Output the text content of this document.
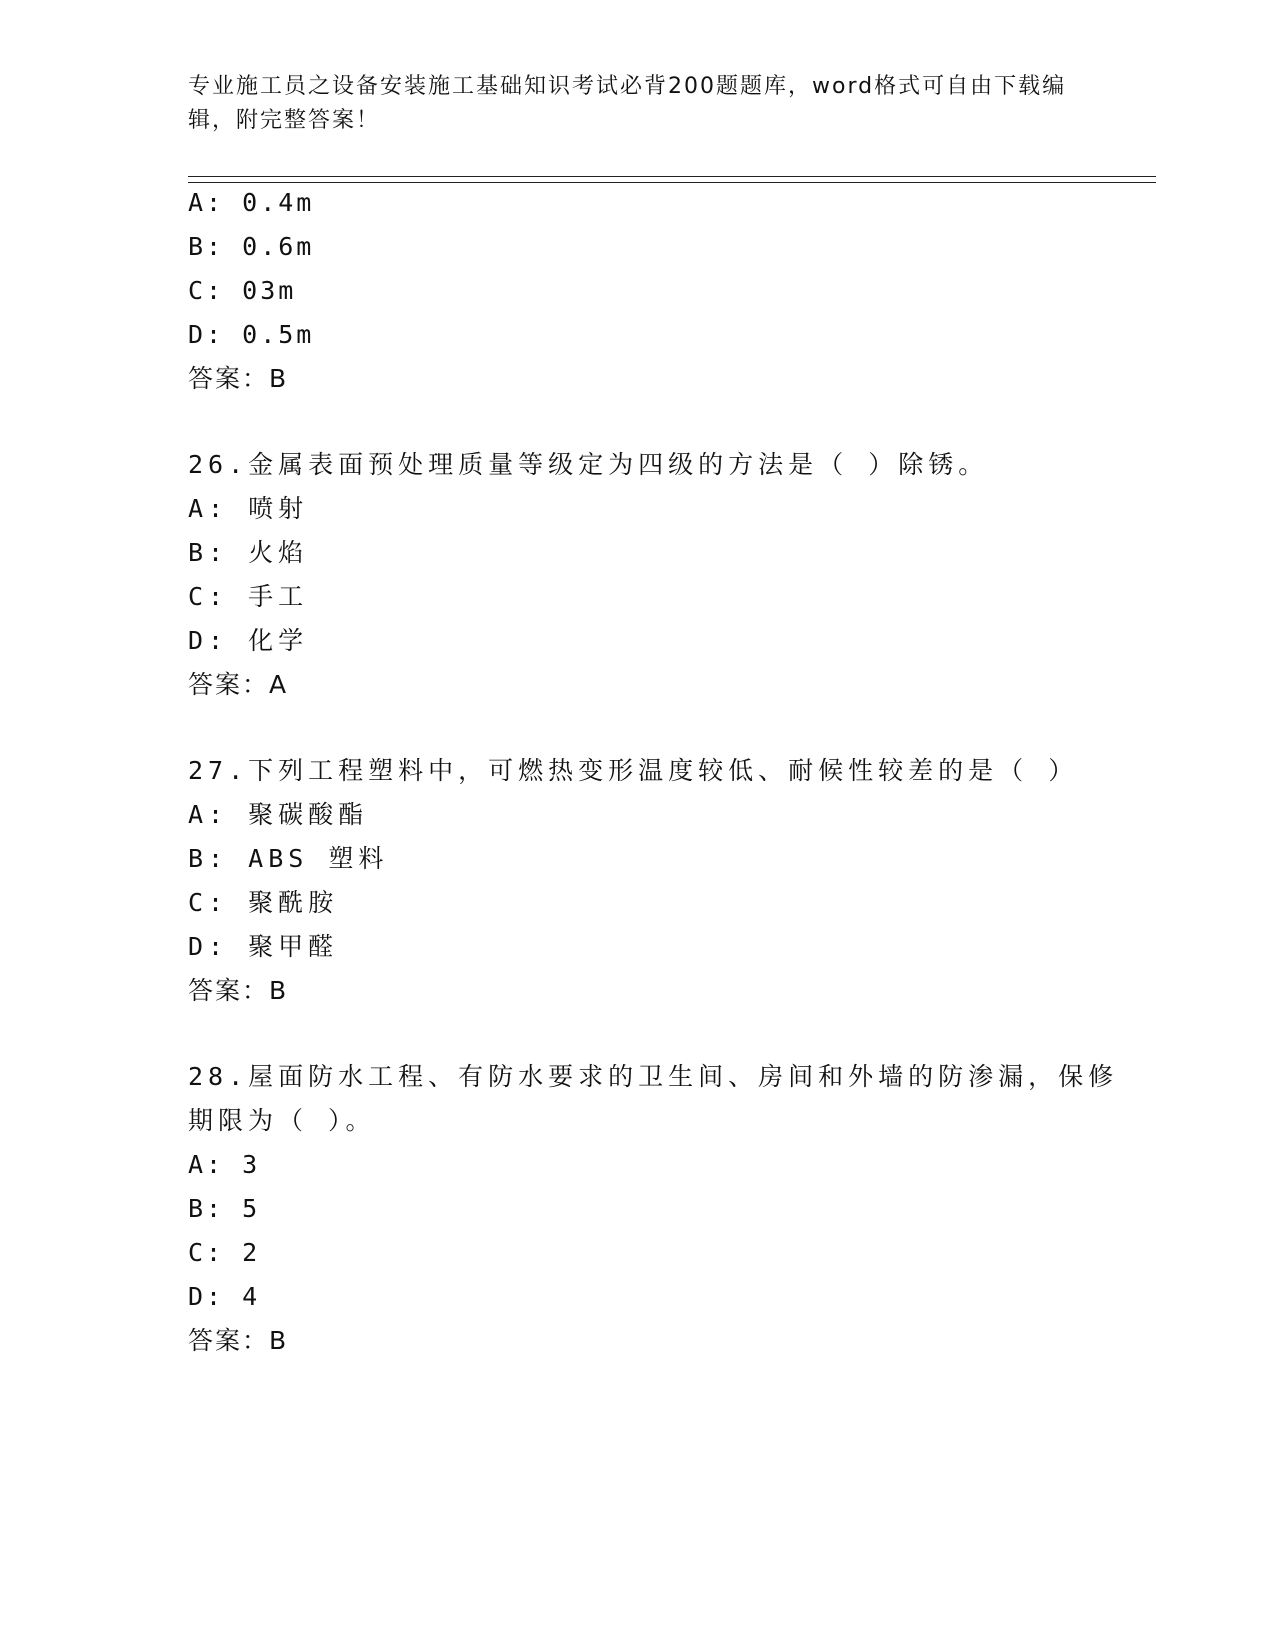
专业施工员之设备安装施工基础知识考试必背200题题库，word格式可自由下载编辑，附完整答案！
A: 0.4m
B: 0.6m
C: 03m
D: 0.5m
答案：B
26.金属表面预处理质量等级定为四级的方法是（ ）除锈。
A: 喷射
B: 火焰
C: 手工
D: 化学
答案：A
27.下列工程塑料中，可燃热变形温度较低、耐候性较差的是（ ）
A: 聚碳酸酯
B: ABS 塑料
C: 聚酰胺
D: 聚甲醛
答案：B
28.屋面防水工程、有防水要求的卫生间、房间和外墙的防渗漏，保修
期限为（ ）。
A: 3
B: 5
C: 2
D: 4
答案：B
